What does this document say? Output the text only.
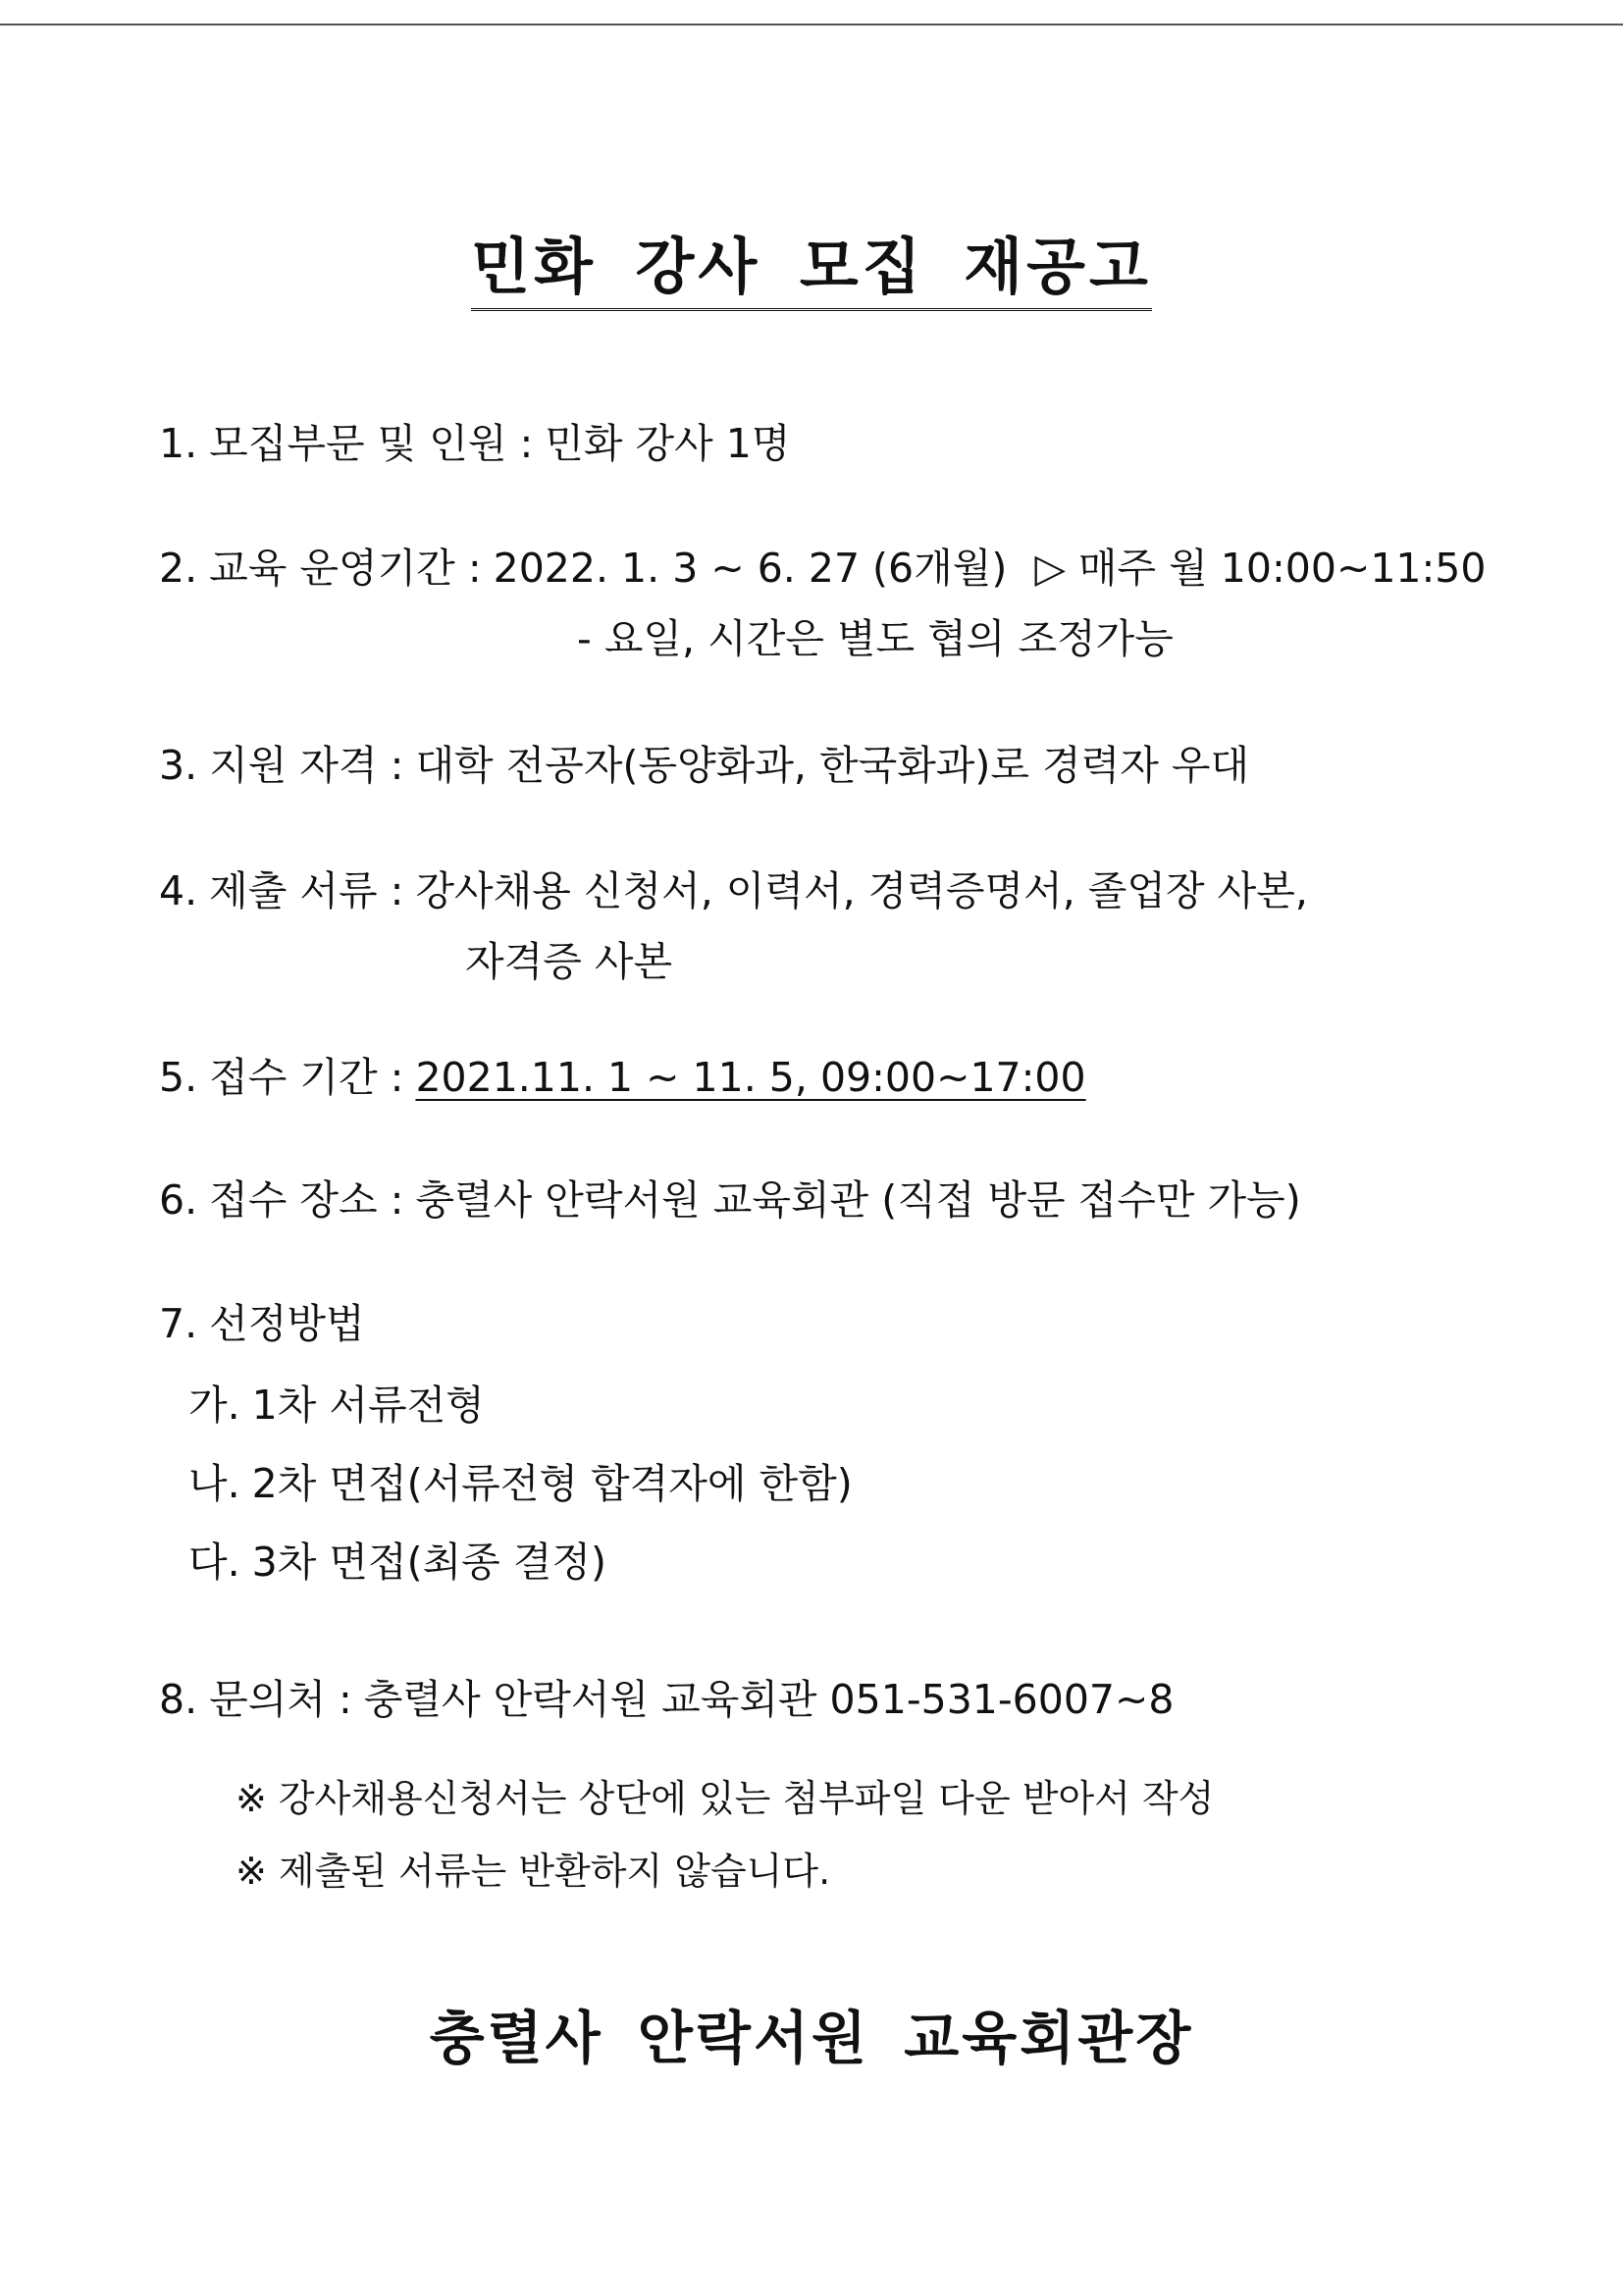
민화 강사 모집 재공고
1. 모집부문 및 인원 : 민화 강사 1명
2. 교육 운영기간 : 2022. 1. 3 ~ 6. 27 (6개월) ▷ 매주 월 10:00~11:50
- 요일, 시간은 별도 협의 조정가능
3. 지원 자격 : 대학 전공자(동양화과, 한국화과)로 경력자 우대
4. 제출 서류 : 강사채용 신청서, 이력서, 경력증명서, 졸업장 사본,
자격증 사본
5. 접수 기간 : 2021.11. 1 ~ 11. 5, 09:00~17:00
6. 접수 장소 : 충렬사 안락서원 교육회관 (직접 방문 접수만 가능)
7. 선정방법
가. 1차 서류전형
나. 2차 면접(서류전형 합격자에 한함)
다. 3차 면접(최종 결정)
8. 문의처 : 충렬사 안락서원 교육회관 051-531-6007~8
※ 강사채용신청서는 상단에 있는 첨부파일 다운 받아서 작성
※ 제출된 서류는 반환하지 않습니다.
충렬사 안락서원 교육회관장
